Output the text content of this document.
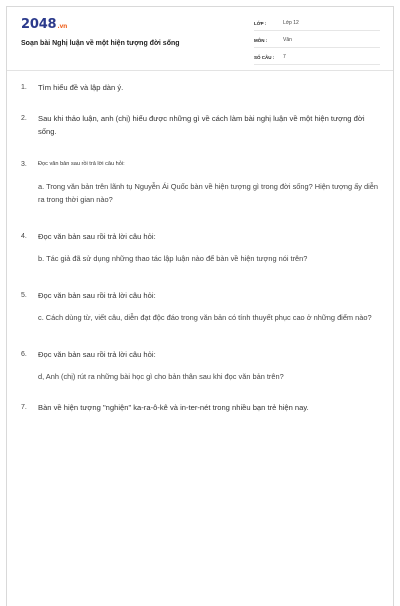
2048.vn
Soạn bài Nghị luận về một hiện tượng đời sống
LỚP :	Lớp 12
MÔN :	Văn
SỐ CÂU :	7
1.	Tìm hiểu đề và lập dàn ý.
2.	Sau khi thảo luận, anh (chị) hiểu được những gì về cách làm bài nghị luận về một hiện tượng đời sống.
3.	Đọc văn bản sau rồi trả lời câu hỏi:
a. Trong văn bản trên lãnh tụ Nguyễn Ái Quốc bàn về hiện tượng gì trong đời sống? Hiện tượng ấy diễn ra trong thời gian nào?
4.	Đọc văn bản sau rồi trả lời câu hỏi:
b. Tác giả đã sử dụng những thao tác lập luận nào để bàn về hiện tượng nói trên?
5.	Đọc văn bản sau rồi trả lời câu hỏi:
c. Cách dùng từ, viết câu, diễn đạt độc đáo trong văn bản có tính thuyết phục cao ở những điểm nào?
6.	Đọc văn bản sau rồi trả lời câu hỏi:
d, Anh (chị) rút ra những bài học gì cho bản thân sau khi đọc văn bản trên?
7.	Bàn về hiện tượng "nghiện" ka-ra-ô-kê và in-ter-nét trong nhiều bạn trẻ hiện nay.
